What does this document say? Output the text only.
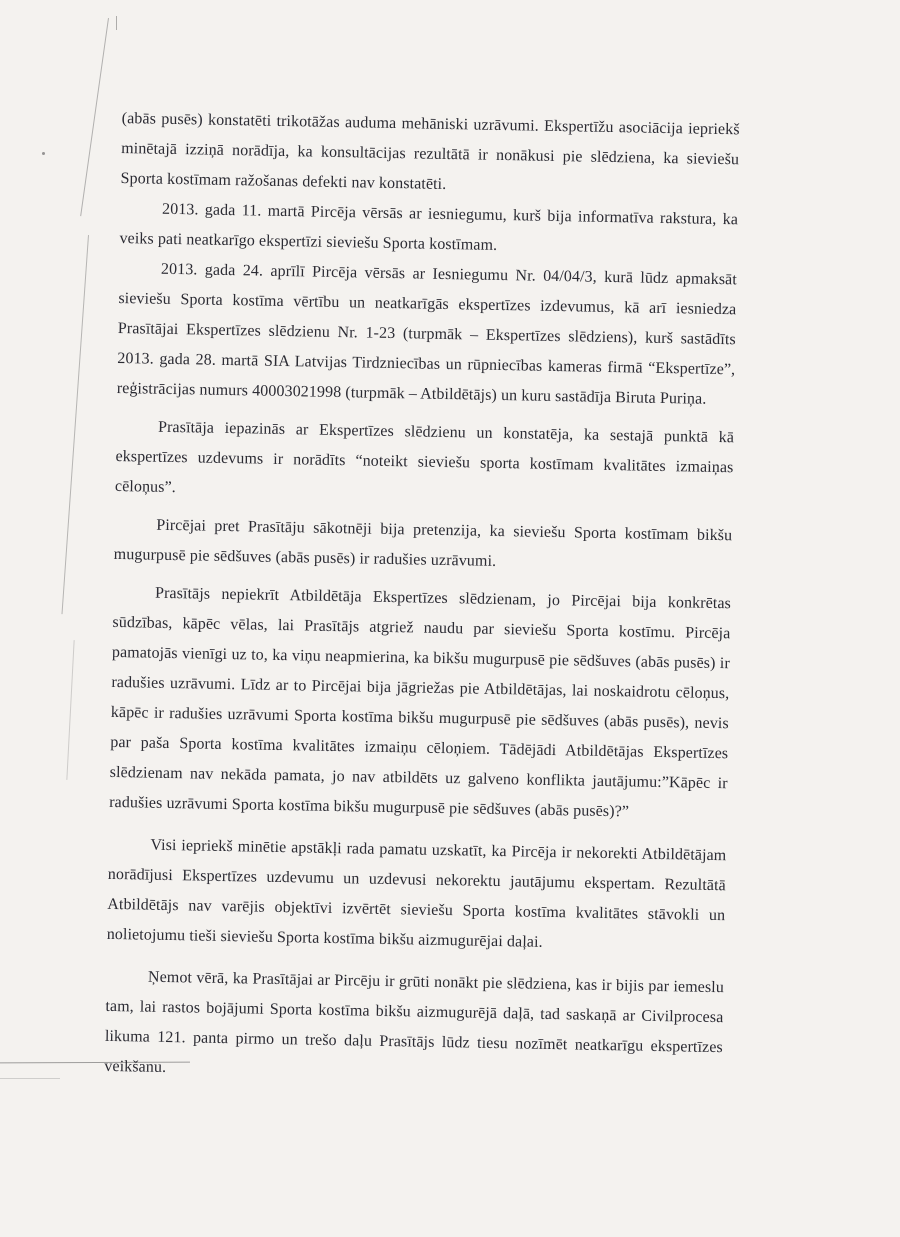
(abās pusēs) konstatēti trikotāžas auduma mehāniski uzrāvumi. Ekspertīžu asociācija iepriekš minētajā izziņā norādīja, ka konsultācijas rezultātā ir nonākusi pie slēdziena, ka sieviešu Sporta kostīmam ražošanas defekti nav konstatēti.

2013. gada 11. martā Pircēja vērsās ar iesniegumu, kurš bija informatīva rakstura, ka veiks pati neatkarīgo ekspertīzi sieviešu Sporta kostīmam.

2013. gada 24. aprīlī Pircēja vērsās ar Iesniegumu Nr. 04/04/3, kurā lūdz apmaksāt sieviešu Sporta kostīma vērtību un neatkarīgās ekspertīzes izdevumus, kā arī iesniedza Prasītājai Ekspertīzes slēdzienu Nr. 1-23 (turpmāk – Ekspertīzes slēdziens), kurš sastādīts 2013. gada 28. martā SIA Latvijas Tirdzniecības un rūpniecības kameras firmā “Ekspertīze”, reģistrācijas numurs 40003021998 (turpmāk – Atbildētājs) un kuru sastādīja Biruta Puriņa.

Prasītāja iepazinās ar Ekspertīzes slēdzienu un konstatēja, ka sestajā punktā kā ekspertīzes uzdevums ir norādīts “noteikt sieviešu sporta kostīmam kvalitātes izmaiņas cēloņus”.

Pircējai pret Prasītāju sākotnēji bija pretenzija, ka sieviešu Sporta kostīmam bikšu mugurpusē pie sēdšuves (abās pusēs) ir radušies uzrāvumi.

Prasītājs nepiekrīt Atbildētāja Ekspertīzes slēdzienam, jo Pircējai bija konkrētas sūdzības, kāpēc vēlas, lai Prasītājs atgriež naudu par sieviešu Sporta kostīmu. Pircēja pamatojās vienīgi uz to, ka viņu neapmierina, ka bikšu mugurpusē pie sēdšuves (abās pusēs) ir radušies uzrāvumi. Līdz ar to Pircējai bija jāgriežas pie Atbildētājas, lai noskaidrotu cēloņus, kāpēc ir radušies uzrāvumi Sporta kostīma bikšu mugurpusē pie sēdšuves (abās pusēs), nevis par paša Sporta kostīma kvalitātes izmaiņu cēloņiem. Tādējādi Atbildētājas Ekspertīzes slēdzienam nav nekāda pamata, jo nav atbildēts uz galveno konflikta jautājumu:”Kāpēc ir radušies uzrāvumi Sporta kostīma bikšu mugurpusē pie sēdšuves (abās pusēs)?”

Visi iepriekš minētie apstākļi rada pamatu uzskatīt, ka Pircēja ir nekorekti Atbildētājam norādījusi Ekspertīzes uzdevumu un uzdevusi nekorektu jautājumu ekspertam. Rezultātā Atbildētājs nav varējis objektīvi izvērtēt sieviešu Sporta kostīma kvalitātes stāvokli un nolietojumu tieši sieviešu Sporta kostīma bikšu aizmugurējai daļai.

Ņemot vērā, ka Prasītājai ar Pircēju ir grūti nonākt pie slēdziena, kas ir bijis par iemeslu tam, lai rastos bojājumi Sporta kostīma bikšu aizmugurējā daļā, tad saskaņā ar Civilprocesa likuma 121. panta pirmo un trešo daļu Prasītājs lūdz tiesu nozīmēt neatkarīgu ekspertīzes veikšanu.
